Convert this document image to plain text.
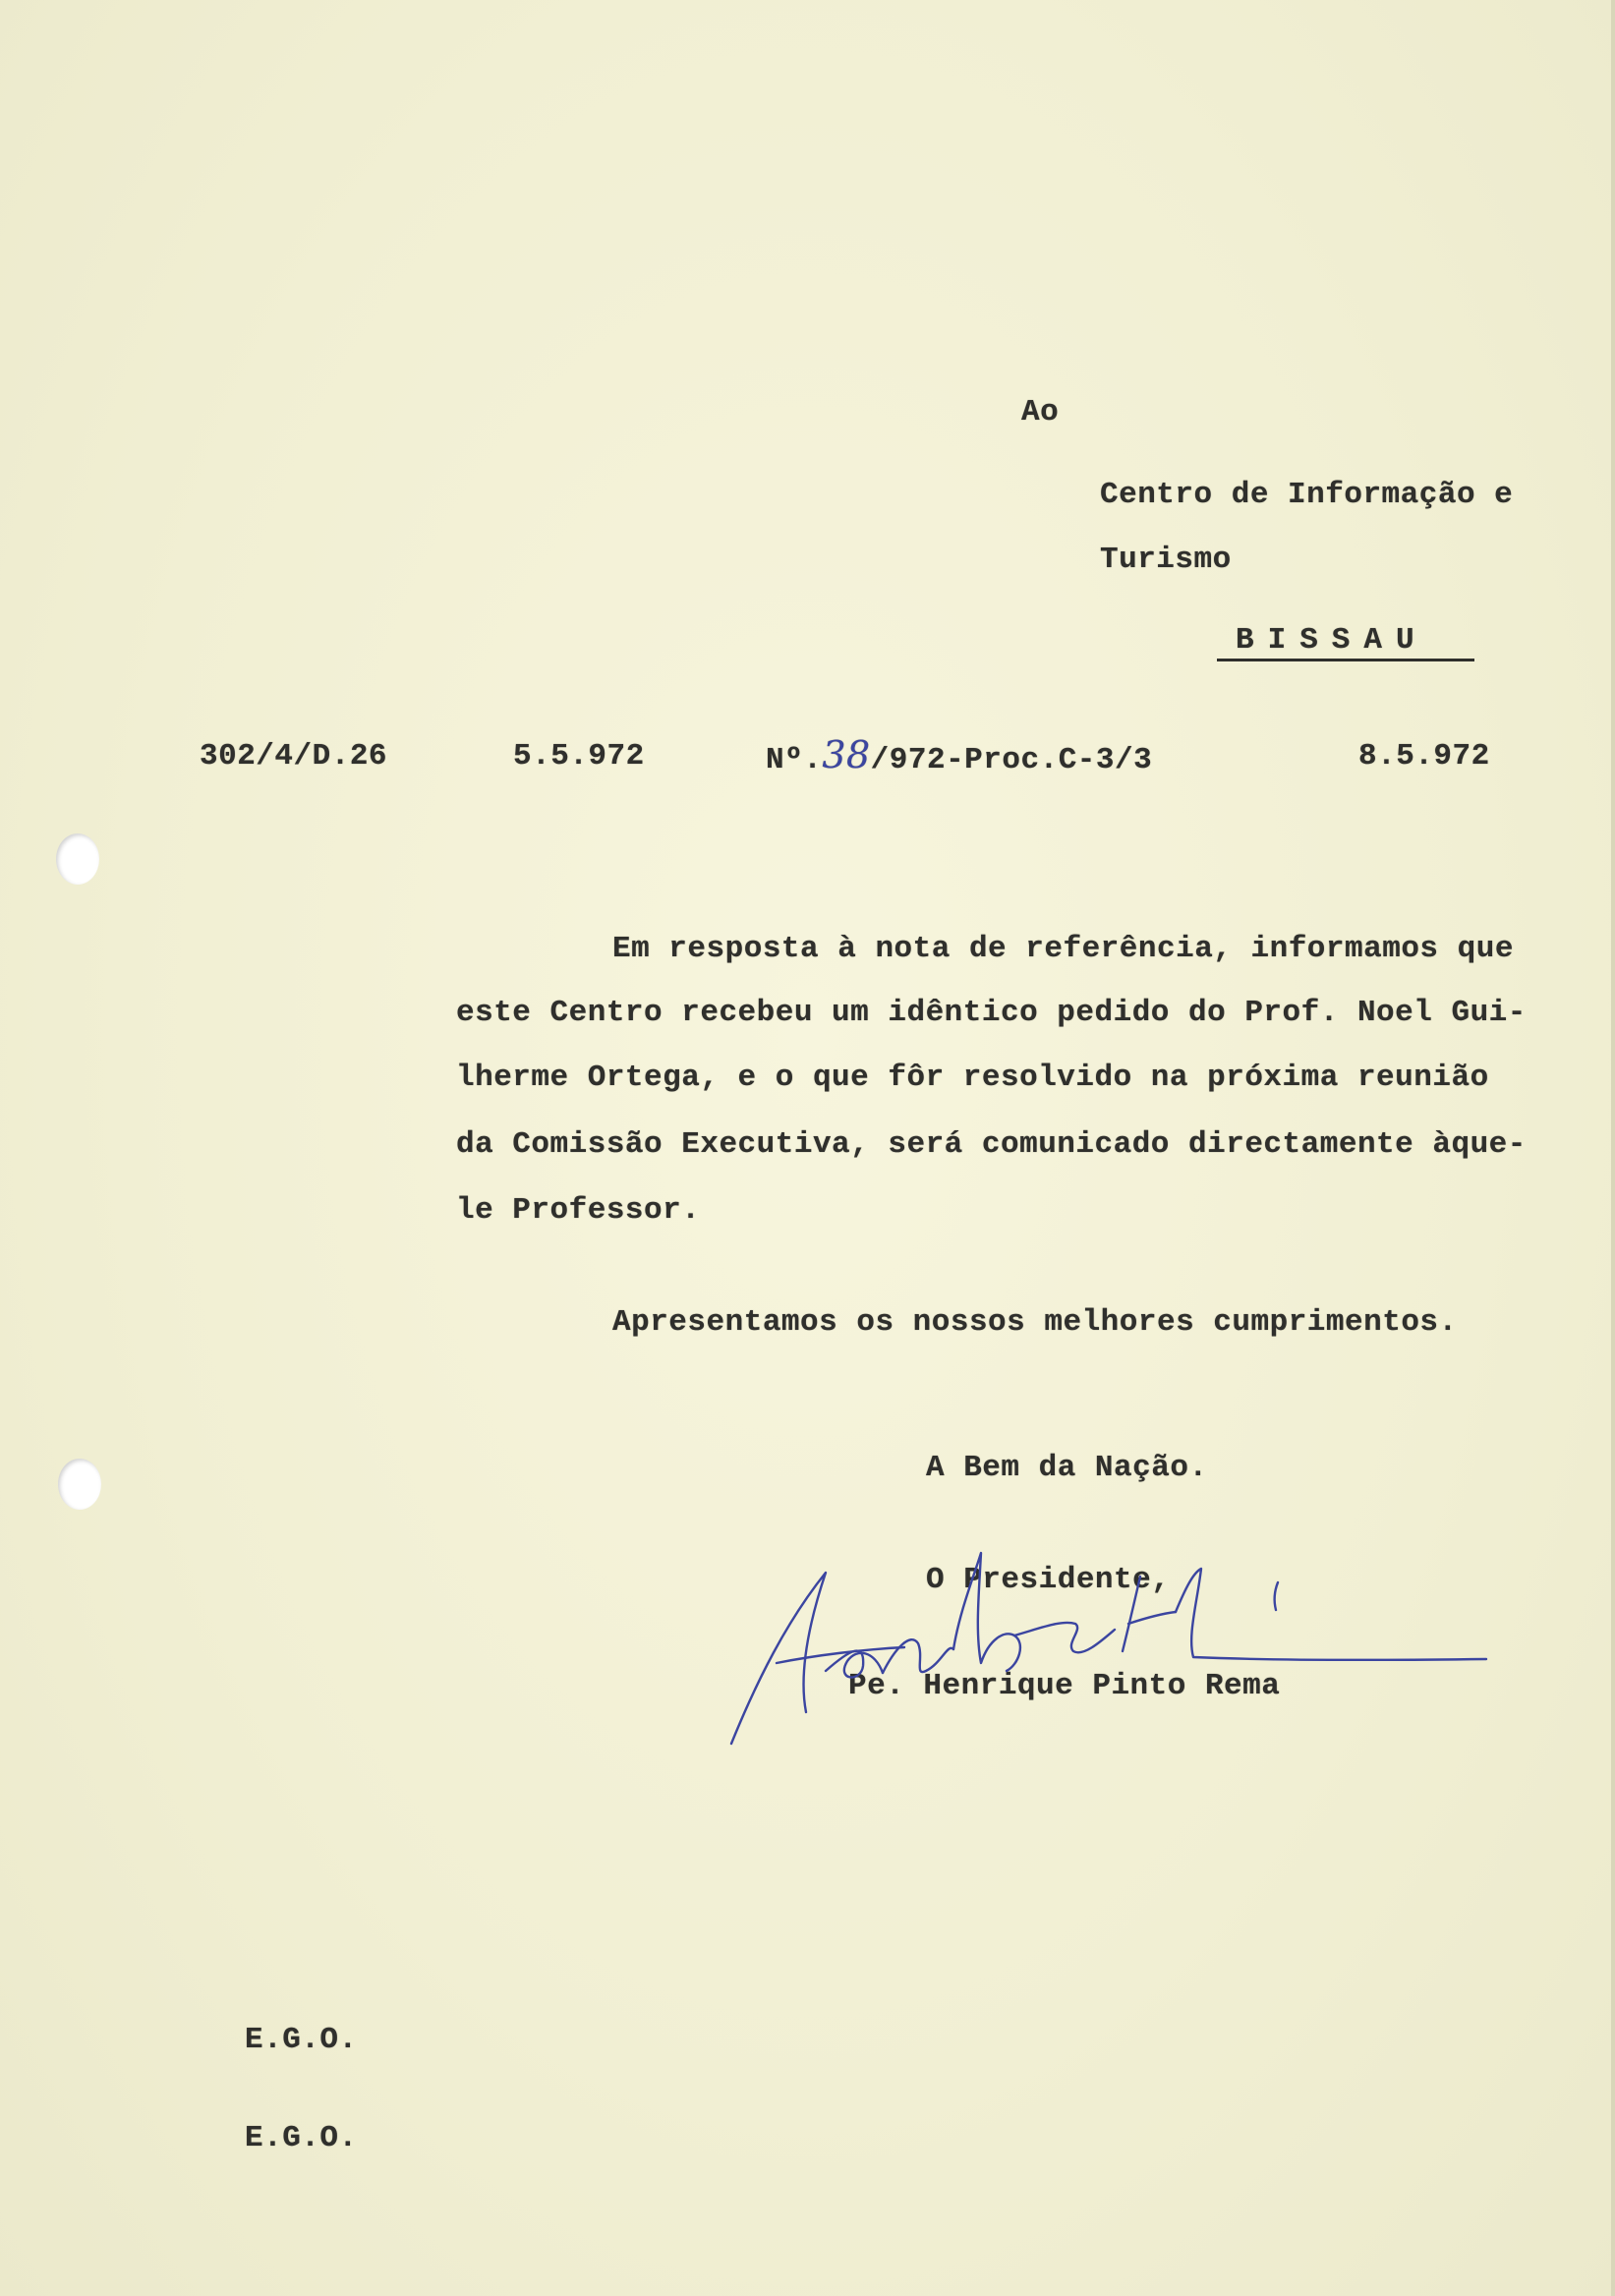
Ao
Centro de Informação e
Turismo
BISSAU
302/4/D.26	5.5.972	Nº.38/972-Proc.C-3/3	8.5.972
Em resposta à nota de referência, informamos que
este Centro recebeu um idêntico pedido do Prof. Noel Gui-
lherme Ortega, e o que fôr resolvido na próxima reunião
da Comissão Executiva, será comunicado directamente àque-
le Professor.
Apresentamos os nossos melhores cumprimentos.
A Bem da Nação.
O Presidente,
Pe. Henrique Pinto Rema
E.G.O.
E.G.O.
